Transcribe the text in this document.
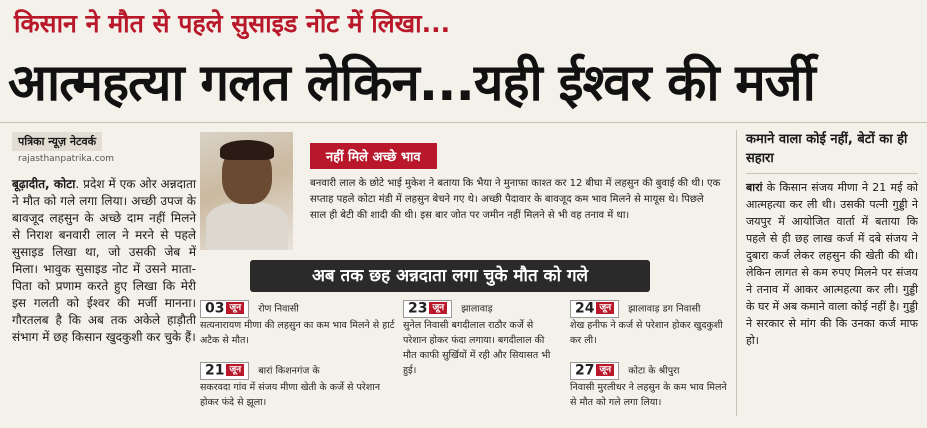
किसान ने मौत से पहले सुसाइड नोट में लिखा...
आत्महत्या गलत लेकिन...यही ईश्वर की मर्जी
पत्रिका न्यूज़ नेटवर्क
rajasthanpatrika.com
बूढ़ादीत, कोटा. प्रदेश में एक ओर अन्नदाता ने मौत को गले लगा लिया। अच्छी उपज के बावजूद लहसुन के अच्छे दाम नहीं मिलने से निराश बनवारी लाल ने मरने से पहले सुसाइड लिखा था, जो उसकी जेब में मिला। भावुक सुसाइड नोट में उसने माता-पिता को प्रणाम करते हुए लिखा कि मेरी इस गलती को ईश्वर की मर्जी मानना। गौरतलब है कि अब तक अकेले हाड़ौती संभाग में छह किसान खुदकुशी कर चुके हैं।
नहीं मिले अच्छे भाव
बनवारी लाल के छोटे भाई मुकेश ने बताया कि भैया ने मुनाफा काश्त कर 12 बीघा में लहसुन की बुवाई की थी। एक सप्ताह पहले कोटा मंडी में लहसुन बेचने गए थे। अच्छी पैदावार के बावजूद कम भाव मिलने से मायूस थे। पिछले साल ही बेटी की शादी की थी। इस बार जोत पर जमीन नहीं मिलने से भी वह तनाव में था।
अब तक छह अन्नदाता लगा चुके मौत को गले
03 जून रोण निवासी
सत्यनारायण मीणा की लहसुन का कम भाव मिलने से हार्ट अटैक से मौत।
21 जून बारां किशनगंज के
सकरवदा गांव में संजय मीणा खेती के कर्जे से परेशान होकर फंदे से झूला।
23 जून झालावाड़
सुनेल निवासी बगदीलाल राठौर कर्जे से परेशान होकर फंदा लगाया। बगदीलाल की मौत काफी सुर्खियों में रही और सियासत भी हुई।
24 जून झालावाड़ डग निवासी
शेख हनीफ ने कर्ज से परेशान होकर खुदकुशी कर ली।
27 जून कोटा के श्रीपुरा
निवासी मुरलीधर ने लहसुन के कम भाव मिलने से मौत को गले लगा लिया।
कमाने वाला कोई नहीं, बेटों का ही सहारा
बारां के किसान संजय मीणा ने 21 मई को आत्महत्या कर ली थी। उसकी पत्नी गुड्डी ने जयपुर में आयोजित वार्ता में बताया कि पहले से ही छह लाख कर्ज में दबे संजय ने दुबारा कर्ज लेकर लहसुन की खेती की थी। लेकिन लागत से कम रुपए मिलने पर संजय ने तनाव में आकर आत्महत्या कर ली। गुड्डी के घर में अब कमाने वाला कोई नहीं है। गुड्डी ने सरकार से मांग की कि उनका कर्ज माफ हो।
